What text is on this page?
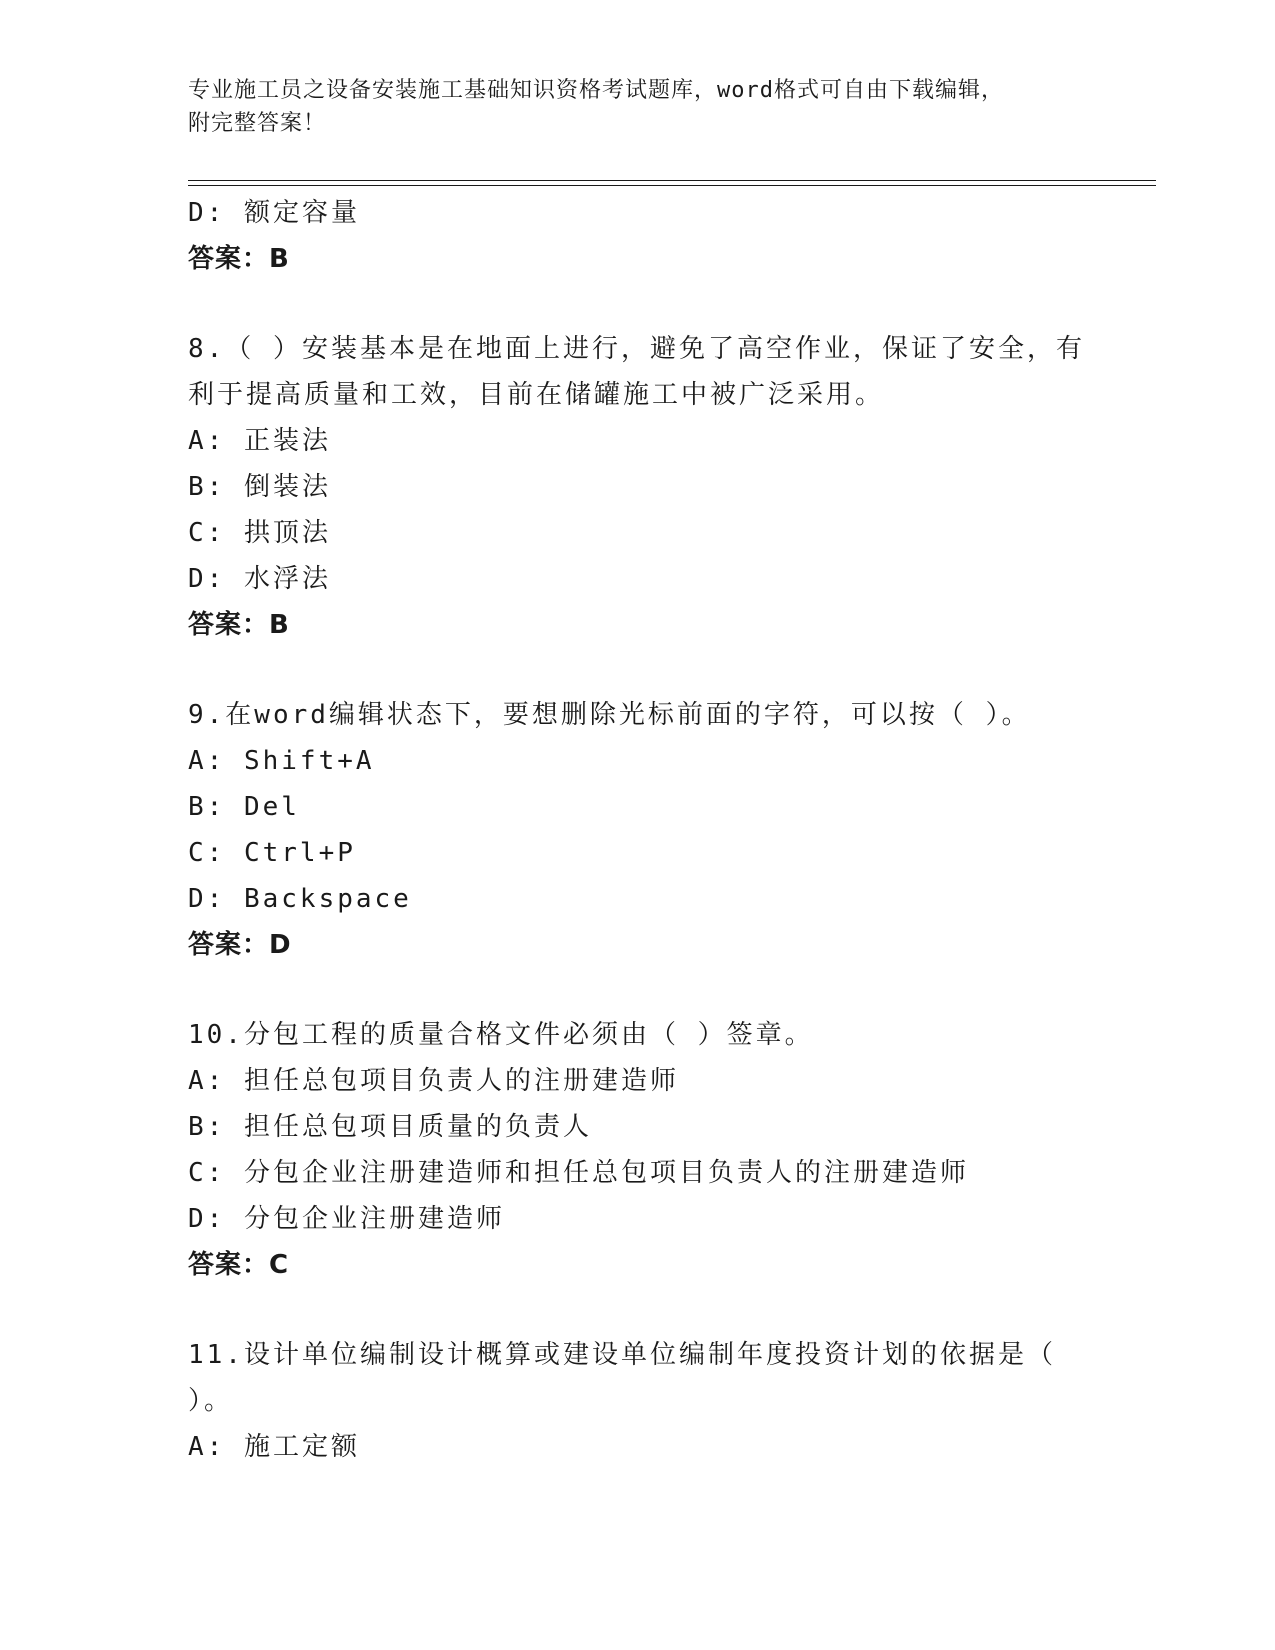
专业施工员之设备安装施工基础知识资格考试题库，word格式可自由下载编辑，
附完整答案！
D: 额定容量
答案：B
8.（ ）安装基本是在地面上进行，避免了高空作业，保证了安全，有
利于提高质量和工效，目前在储罐施工中被广泛采用。
A: 正装法
B: 倒装法
C: 拱顶法
D: 水浮法
答案：B
9.在word编辑状态下，要想删除光标前面的字符，可以按（ ）。
A: Shift+A
B: Del
C: Ctrl+P
D: Backspace
答案：D
10.分包工程的质量合格文件必须由（ ）签章。
A: 担任总包项目负责人的注册建造师
B: 担任总包项目质量的负责人
C: 分包企业注册建造师和担任总包项目负责人的注册建造师
D: 分包企业注册建造师
答案：C
11.设计单位编制设计概算或建设单位编制年度投资计划的依据是（
）。
A: 施工定额
